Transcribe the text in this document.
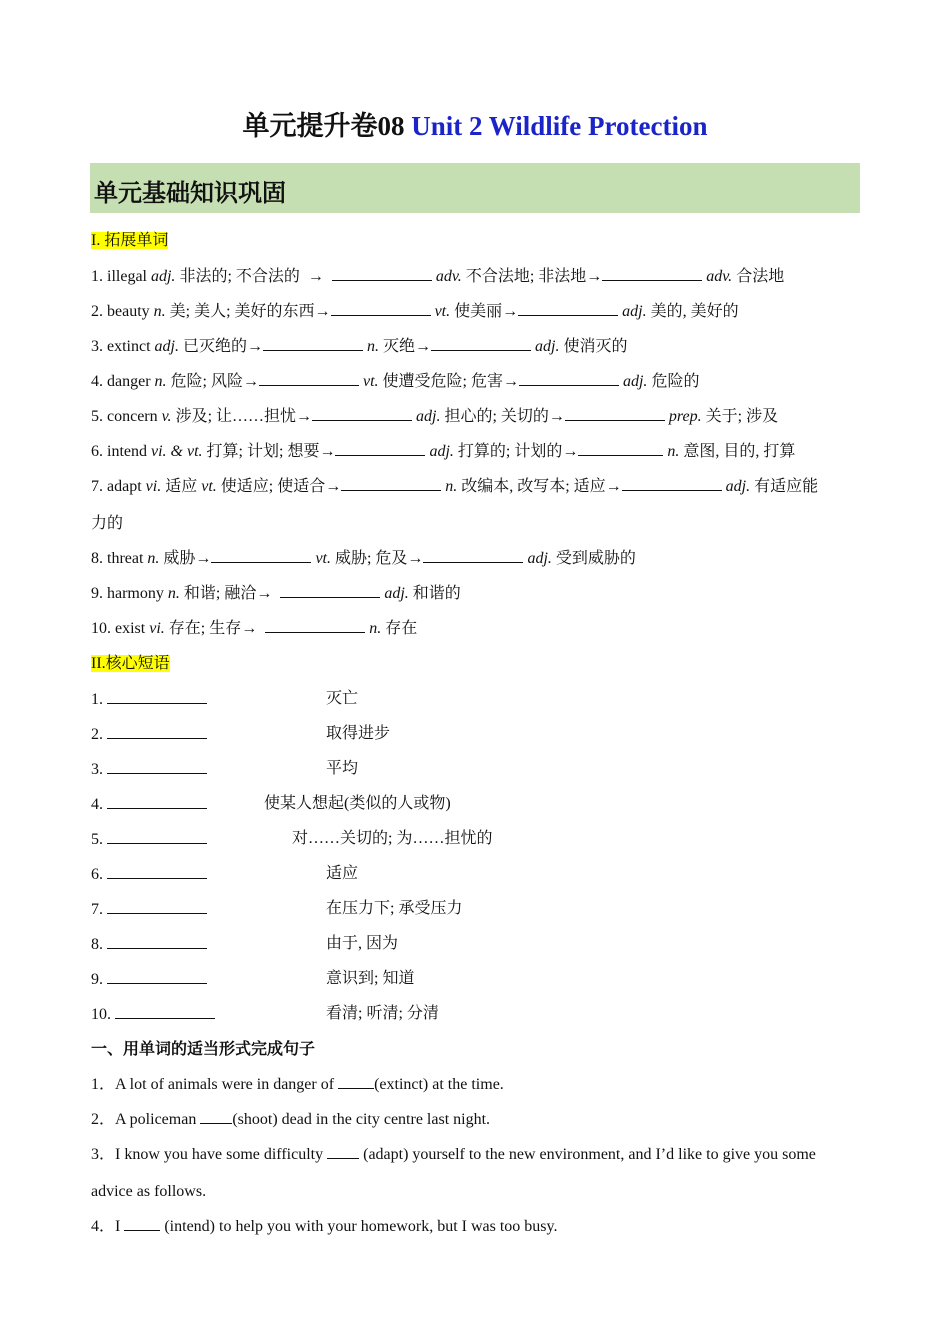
单元提升卷08 Unit 2 Wildlife Protection
单元基础知识巩固
I. 拓展单词
1. illegal adj. 非法的; 不合法的 →	adv. 不合法地; 非法地→	adv. 合法地
2. beauty n. 美; 美人; 美好的东西→	vt. 使美丽→	adj. 美的, 美好的
3. extinct adj. 已灭绝的→	n. 灭绝→	adj. 使消灭的
4. danger n. 危险; 风险→	vt. 使遭受危险; 危害→	adj. 危险的
5. concern v. 涉及; 让……担忧→	adj. 担心的; 关切的→	prep. 关于; 涉及
6. intend vi. & vt. 打算; 计划; 想要→	adj. 打算的; 计划的→	n. 意图, 目的, 打算
7. adapt vi. 适应 vt. 使适应; 使适合→	n. 改编本, 改写本; 适应→	adj. 有适应能
力的
8. threat n. 威胁→	vt. 威胁; 危及→	adj. 受到威胁的
9. harmony n. 和谐; 融洽→	adj. 和谐的
10. exist vi. 存在; 生存→	n. 存在
II.核心短语
1.	灭亡
2.	取得进步
3.	平均
4.	使某人想起(类似的人或物)
5.	对……关切的; 为……担忧的
6.	适应
7.	在压力下; 承受压力
8.	由于, 因为
9.	意识到; 知道
10.	看清; 听清; 分清
一、用单词的适当形式完成句子
1．A lot of animals were in danger of (extinct) at the time.
2．A policeman (shoot) dead in the city centre last night.
3．I know you have some difficulty  (adapt) yourself to the new environment, and I’d like to give you some
advice as follows.
4．I  (intend) to help you with your homework, but I was too busy.
